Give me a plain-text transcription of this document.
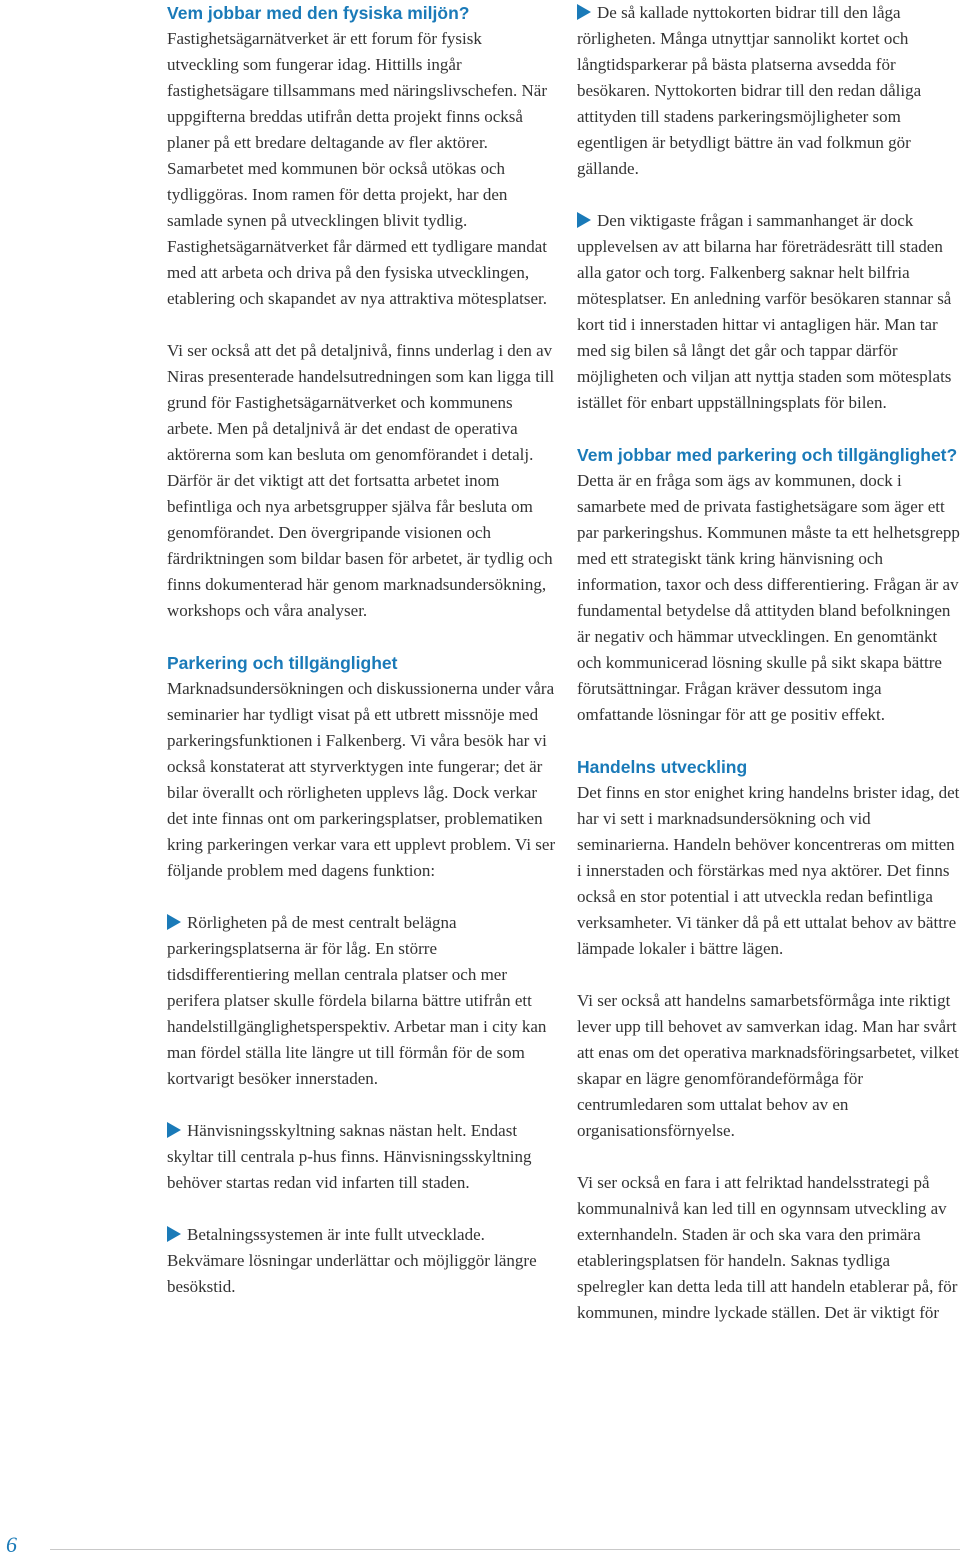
Vem jobbar med den fysiska miljön?

Fastighetsägarnätverket är ett forum för fysisk utveckling som fungerar idag. Hittills ingår fastighetsägare tillsammans med näringslivschefen. När uppgifterna breddas utifrån detta projekt finns också planer på ett bredare deltagande av fler aktörer. Samarbetet med kommunen bör också utökas och tydliggöras. Inom ramen för detta projekt, har den samlade synen på utvecklingen blivit tydlig. Fastighetsägarnätverket får därmed ett tydligare mandat med att arbeta och driva på den fysiska utvecklingen, etablering och skapandet av nya attraktiva mötesplatser.

Vi ser också att det på detaljnivå, finns underlag i den av Niras presenterade handelsutredningen som kan ligga till grund för Fastighetsägarnätverket och kommunens arbete. Men på detaljnivå är det endast de operativa aktörerna som kan besluta om genomförandet i detalj. Därför är det viktigt att det fortsatta arbetet inom befintliga och nya arbetsgrupper själva får besluta om genomförandet. Den övergripande visionen och färdriktningen som bildar basen för arbetet, är tydlig och finns dokumenterad här genom marknadsundersökning, workshops och våra analyser.

Parkering och tillgänglighet

Marknadsundersökningen och diskussionerna under våra seminarier har tydligt visat på ett utbrett missnöje med parkeringsfunktionen i Falkenberg. Vi våra besök har vi också konstaterat att styrverktygen inte fungerar; det är bilar överallt och rörligheten upplevs låg. Dock verkar det inte finnas ont om parkeringsplatser, problematiken kring parkeringen verkar vara ett upplevt problem. Vi ser följande problem med dagens funktion:

Rörligheten på de mest centralt belägna parkeringsplatserna är för låg. En större tidsdifferentiering mellan centrala platser och mer perifera platser skulle fördela bilarna bättre utifrån ett handelstillgänglighetsperspektiv. Arbetar man i city kan man fördel ställa lite längre ut till förmån för de som kortvarigt besöker innerstaden.

Hänvisningsskyltning saknas nästan helt. Endast skyltar till centrala p-hus finns. Hänvisningsskyltning behöver startas redan vid infarten till staden.

Betalningssystemen är inte fullt utvecklade. Bekvämare lösningar underlättar och möjliggör längre besökstid.

De så kallade nyttokorten bidrar till den låga rörligheten. Många utnyttjar sannolikt kortet och långtidsparkerar på bästa platserna avsedda för besökaren. Nyttokorten bidrar till den redan dåliga attityden till stadens parkeringsmöjligheter som egentligen är betydligt bättre än vad folkmun gör gällande.

Den viktigaste frågan i sammanhanget är dock upplevelsen av att bilarna har företrädesrätt till staden alla gator och torg. Falkenberg saknar helt bilfria mötesplatser. En anledning varför besökaren stannar så kort tid i innerstaden hittar vi antagligen här. Man tar med sig bilen så långt det går och tappar därför möjligheten och viljan att nyttja staden som mötesplats istället för enbart uppställningsplats för bilen.

Vem jobbar med parkering och tillgänglighet?

Detta är en fråga som ägs av kommunen, dock i samarbete med de privata fastighetsägare som äger ett par parkeringshus. Kommunen måste ta ett helhetsgrepp med ett strategiskt tänk kring hänvisning och information, taxor och dess differentiering. Frågan är av fundamental betydelse då attityden bland befolkningen är negativ och hämmar utvecklingen. En genomtänkt och kommunicerad lösning skulle på sikt skapa bättre förutsättningar. Frågan kräver dessutom inga omfattande lösningar för att ge positiv effekt.

Handelns utveckling

Det finns en stor enighet kring handelns brister idag, det har vi sett i marknadsundersökning och vid seminarierna. Handeln behöver koncentreras om mitten i innerstaden och förstärkas med nya aktörer. Det finns också en stor potential i att utveckla redan befintliga verksamheter. Vi tänker då på ett uttalat behov av bättre lämpade lokaler i bättre lägen.

Vi ser också att handelns samarbetsförmåga inte riktigt lever upp till behovet av samverkan idag. Man har svårt att enas om det operativa marknadsföringsarbetet, vilket skapar en lägre genomförandeförmåga för centrumledaren som uttalat behov av en organisationsförnyelse.

Vi ser också en fara i att felriktad handelsstrategi på kommunalnivå kan led till en ogynnsam utveckling av externhandeln. Staden är och ska vara den primära etableringsplatsen för handeln. Saknas tydliga spelregler kan detta leda till att handeln etablerar på, för kommunen, mindre lyckade ställen. Det är viktigt för

6
